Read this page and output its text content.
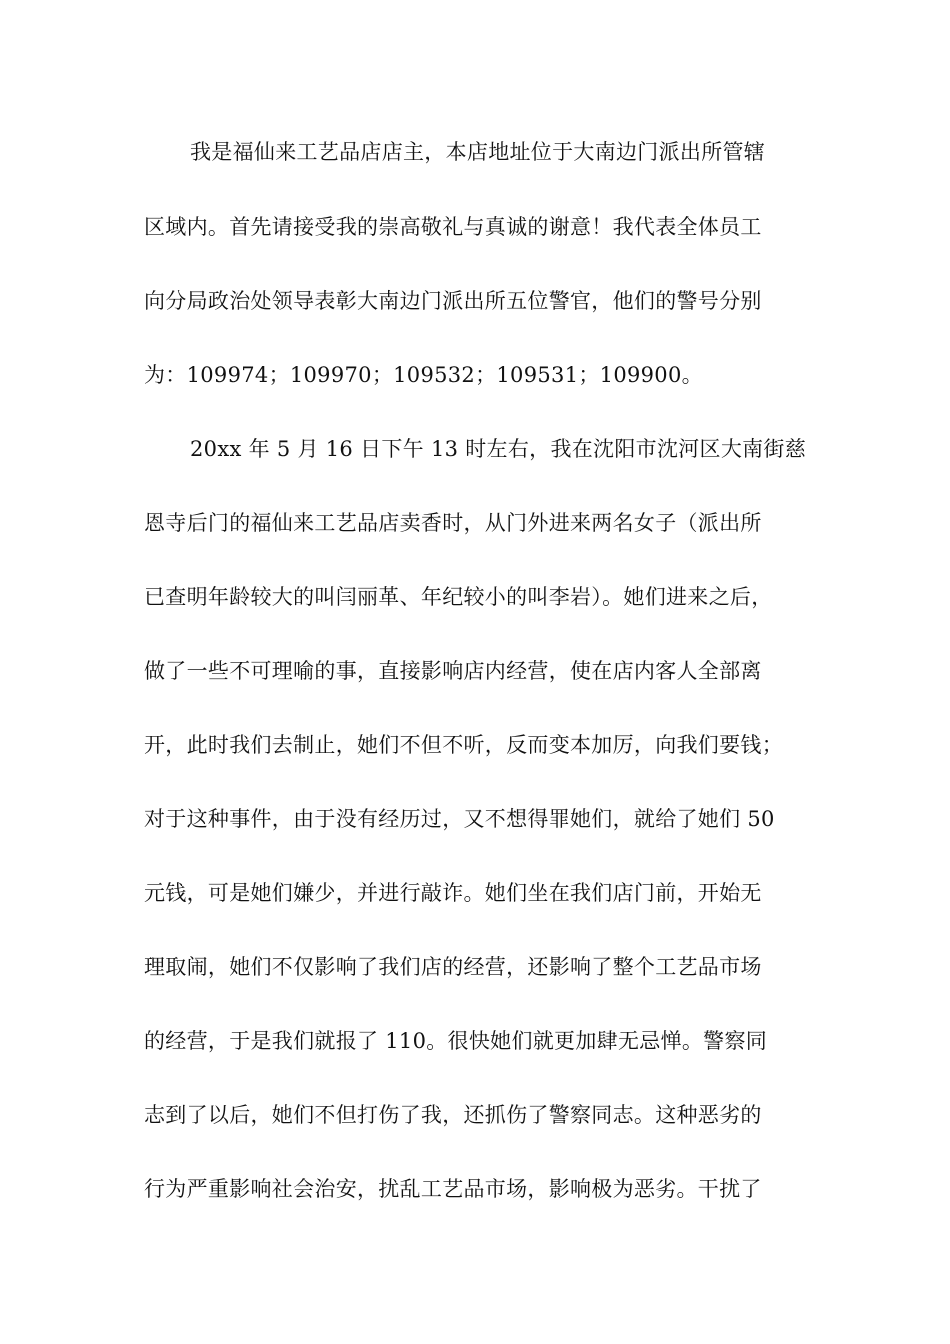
我是福仙来工艺品店店主，本店地址位于大南边门派出所管辖
区域内。首先请接受我的崇高敬礼与真诚的谢意！我代表全体员工
向分局政治处领导表彰大南边门派出所五位警官，他们的警号分别
为：109974；109970；109532；109531；109900。
20xx 年 5 月 16 日下午 13 时左右，我在沈阳市沈河区大南街慈
恩寺后门的福仙来工艺品店卖香时，从门外进来两名女子（派出所
已查明年龄较大的叫闫丽革、年纪较小的叫李岩）。她们进来之后，
做了一些不可理喻的事，直接影响店内经营，使在店内客人全部离
开，此时我们去制止，她们不但不听，反而变本加厉，向我们要钱；
对于这种事件，由于没有经历过，又不想得罪她们，就给了她们 50
元钱，可是她们嫌少，并进行敲诈。她们坐在我们店门前，开始无
理取闹，她们不仅影响了我们店的经营，还影响了整个工艺品市场
的经营，于是我们就报了 110。很快她们就更加肆无忌惮。警察同
志到了以后，她们不但打伤了我，还抓伤了警察同志。这种恶劣的
行为严重影响社会治安，扰乱工艺品市场，影响极为恶劣。干扰了
